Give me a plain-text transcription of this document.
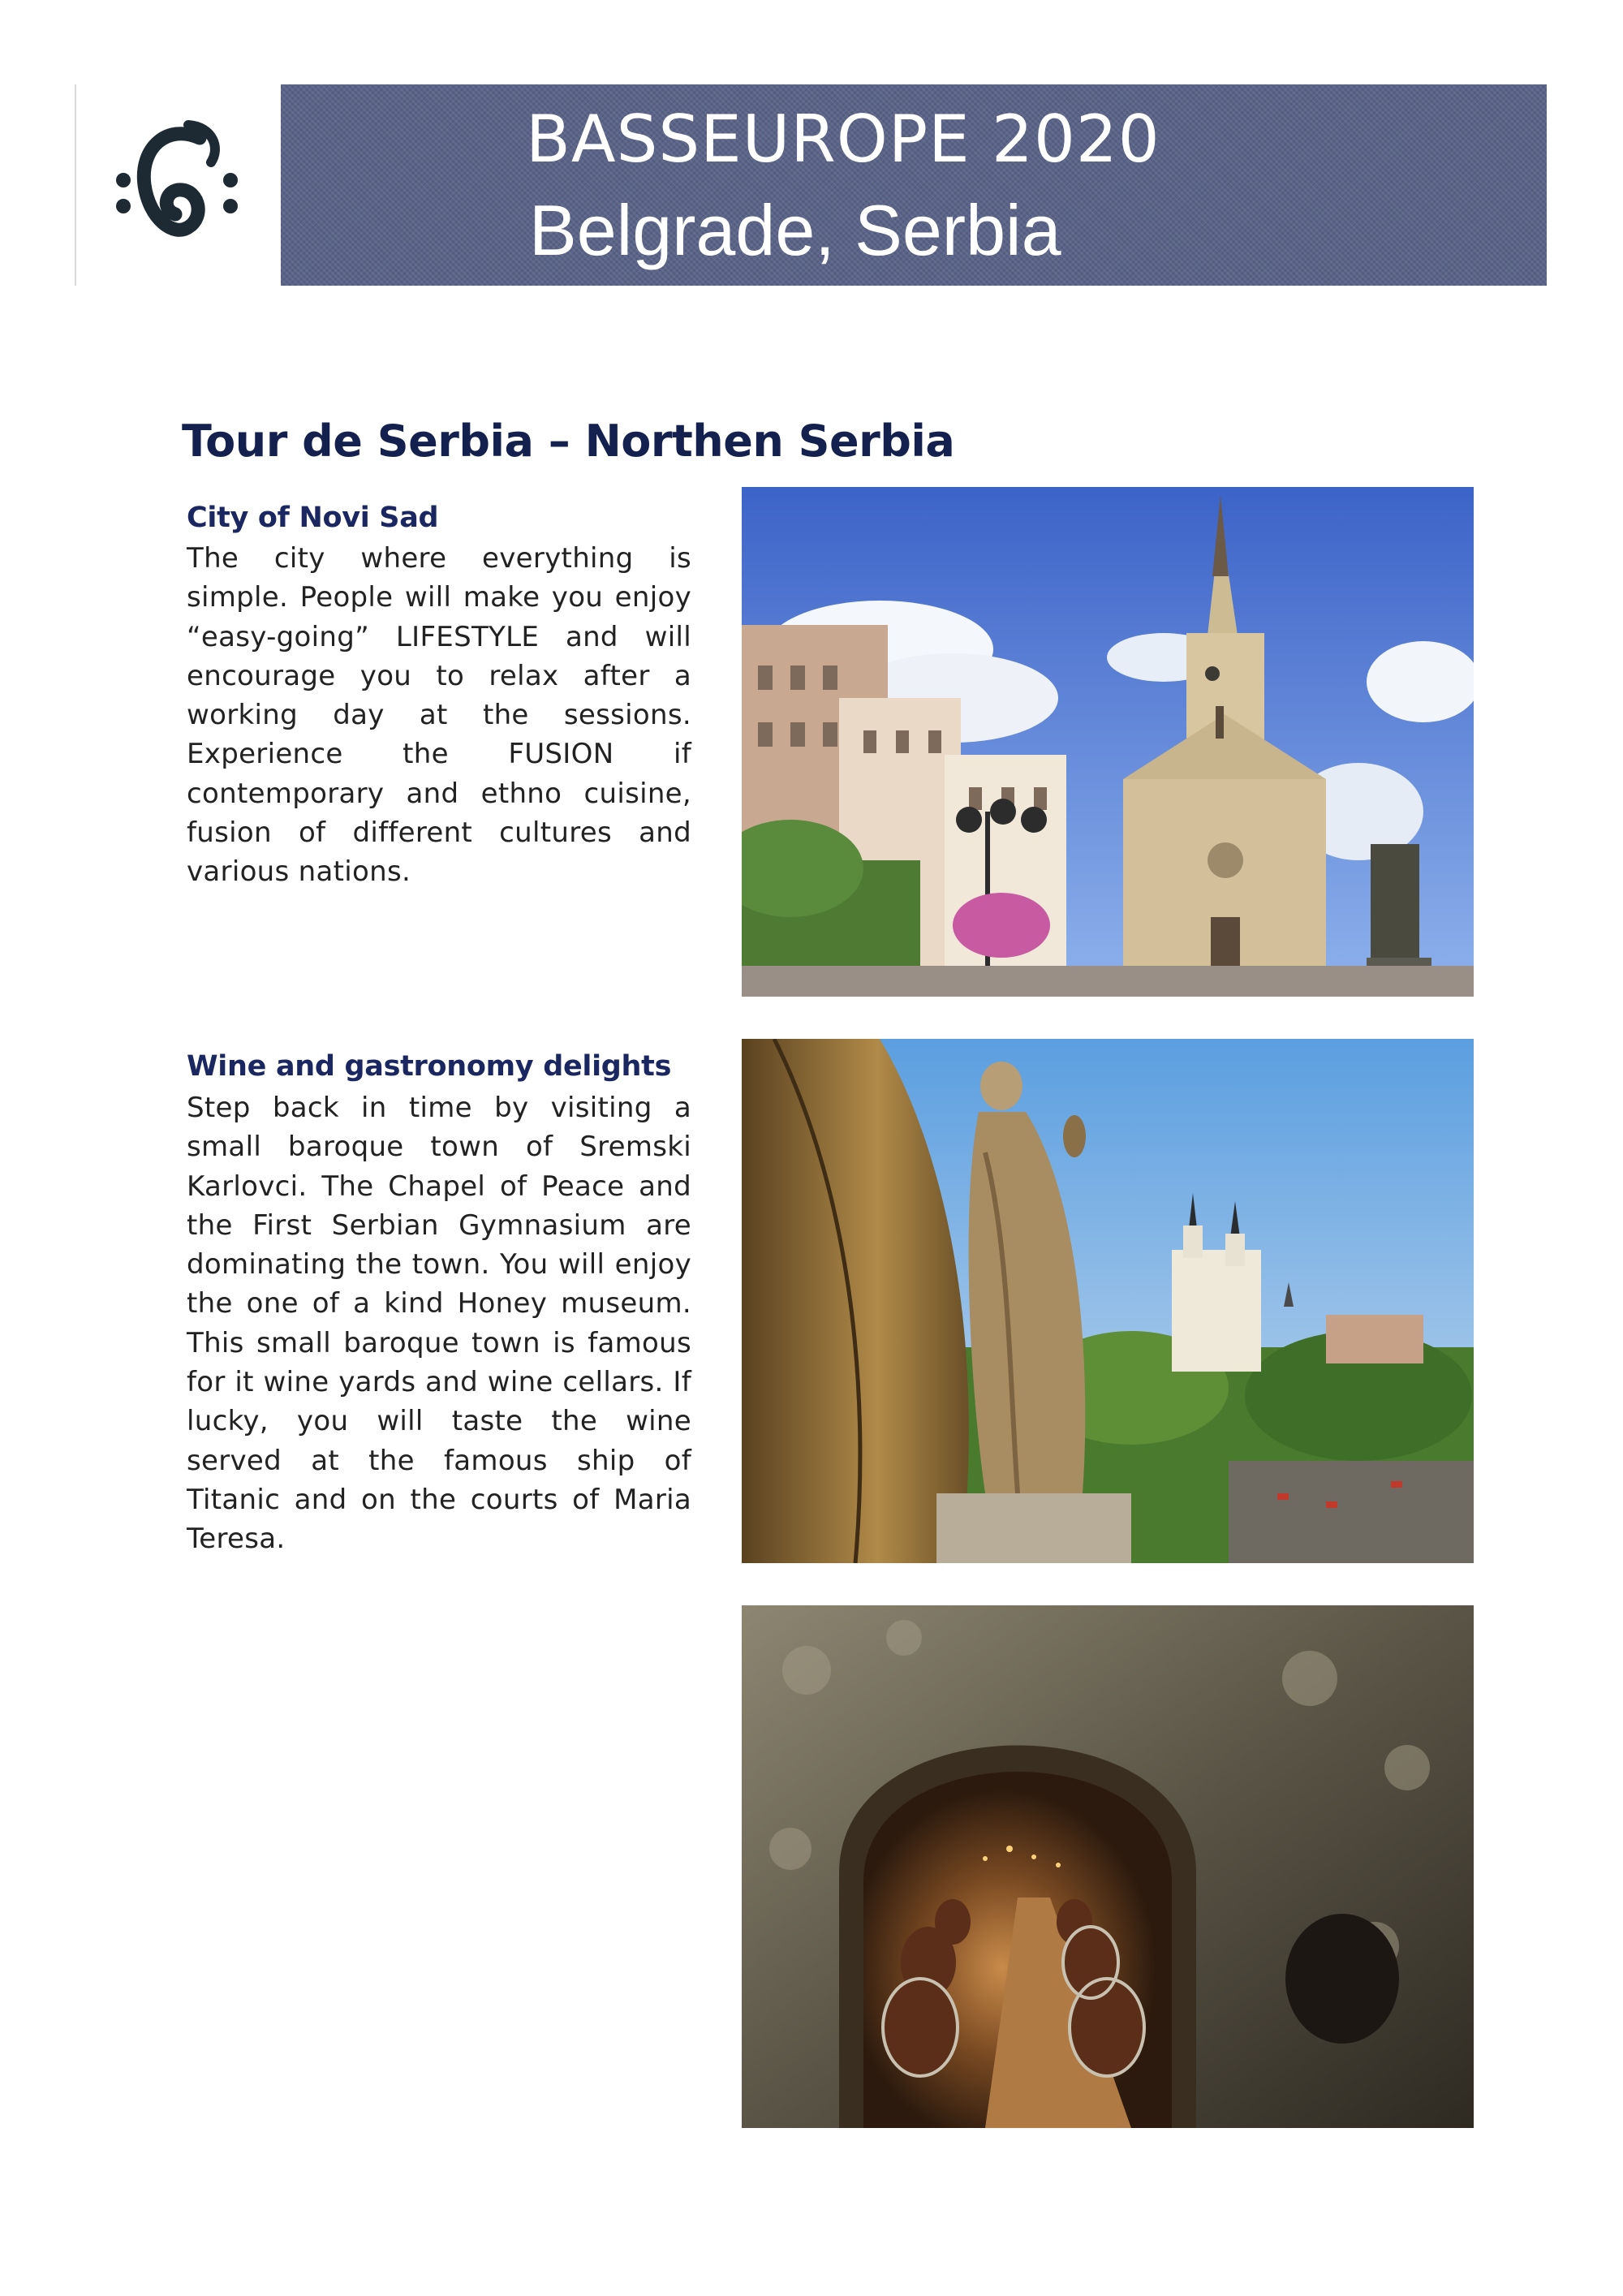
BASSEUROPE 2020
Belgrade, Serbia
Tour de Serbia – Northen Serbia
City of Novi Sad
The city where everything is simple. People will make you enjoy “easy-going” LIFESTYLE and will encourage you to relax after a working day at the sessions. Experience the FUSION if contemporary and ethno cuisine, fusion of different cultures and various nations.
Wine and gastronomy delights
Step back in time by visiting a small baroque town of Sremski Karlovci. The Chapel of Peace and the First Serbian Gymnasium are dominating the town. You will enjoy the one of a kind Honey museum. This small baroque town is famous for it wine yards and wine cellars. If lucky, you will taste the wine served at the famous ship of Titanic and on the courts of Maria Teresa.
